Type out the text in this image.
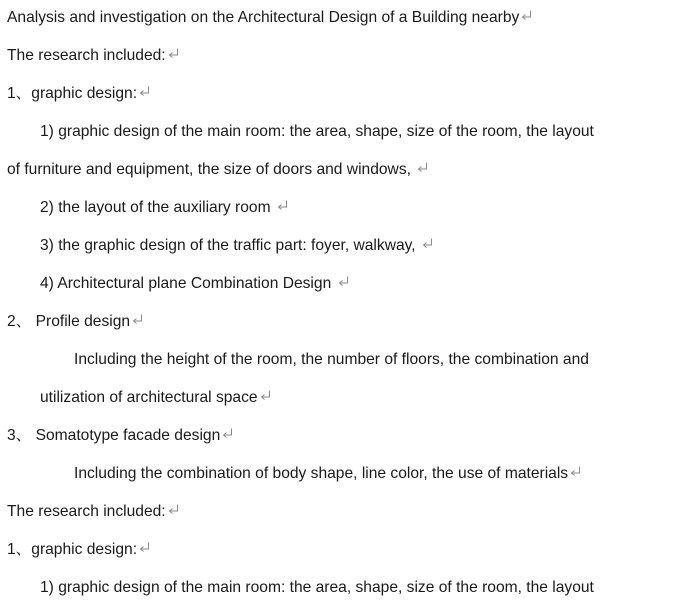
Analysis and investigation on the Architectural Design of a Building nearby
The research included:
1、graphic design:
1) graphic design of the main room: the area, shape, size of the room, the layout
of furniture and equipment, the size of doors and windows,
2) the layout of the auxiliary room
3) the graphic design of the traffic part: foyer, walkway,
4) Architectural plane Combination Design
2、 Profile design
Including the height of the room, the number of floors, the combination and
utilization of architectural space
3、 Somatotype facade design
Including the combination of body shape, line color, the use of materials
The research included:
1、graphic design:
1) graphic design of the main room: the area, shape, size of the room, the layout
